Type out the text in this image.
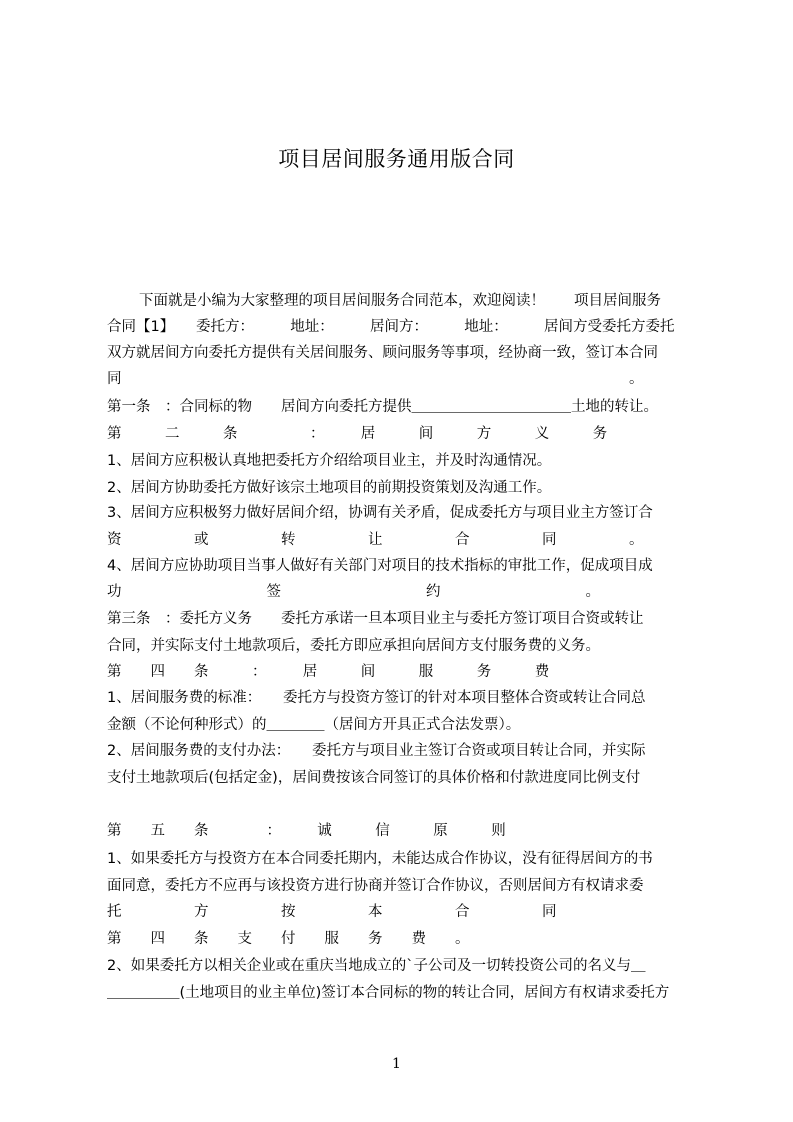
项目居间服务通用版合同
下面就是小编为大家整理的项目居间服务合同范本，欢迎阅读！　　项目居间服务
合同【1】　　委托方：　　　地址：　　　居间方：　　　地址：　　　居间方受委托方委托
双方就居间方向委托方提供有关居间服务、顾问服务等事项，经协商一致，签订本合同
同　　　　　　　　　　　　　　　　　　　　　　　　　　　　　　　　　　　。
第一条　：合同标的物　　居间方向委托方提供＿＿＿＿＿＿＿＿＿＿＿土地的转让。
第　　　二　　　条　　　　　：　　　居　　　间　　　方　　　义　　　务
1、居间方应积极认真地把委托方介绍给项目业主，并及时沟通情况。
2、居间方协助委托方做好该宗土地项目的前期投资策划及沟通工作。
3、居间方应积极努力做好居间介绍，协调有关矛盾，促成委托方与项目业主方签订合
资　　　　　或　　　　　转　　　　　让　　　　　合　　　　　同　　　　　。
4、居间方应协助项目当事人做好有关部门对项目的技术指标的审批工作，促成项目成
功　　　　　　　　　　签　　　　　　　　　　约　　　　　　　　　　。
第三条　：委托方义务　　委托方承诺一旦本项目业主与委托方签订项目合资或转让
合同，并实际支付土地款项后，委托方即应承担向居间方支付服务费的义务。
第　　四　　条　　　：　　　居　　　间　　　服　　　务　　　费
1、居间服务费的标准：　　委托方与投资方签订的针对本项目整体合资或转让合同总
金额（不论何种形式）的＿＿＿＿（居间方开具正式合法发票）。
2、居间服务费的支付办法：　　委托方与项目业主签订合资或项目转让合同，并实际
支付土地款项后(包括定金)，居间费按该合同签订的具体价格和付款进度同比例支付
第　　五　　条　　　　：　　　诚　　　信　　　原　　　则
1、如果委托方与投资方在本合同委托期内，未能达成合作协议，没有征得居间方的书
面同意，委托方不应再与该投资方进行协商并签订合作协议，否则居间方有权请求委
托　　　　　方　　　　　按　　　　　本　　　　　合　　　　　同
第　　四　　条　　支　　付　　服　　务　　费　　。
2、如果委托方以相关企业或在重庆当地成立的`子公司及一切转投资公司的名义与＿
＿＿＿＿＿(土地项目的业主单位)签订本合同标的物的转让合同，居间方有权请求委托方
1
